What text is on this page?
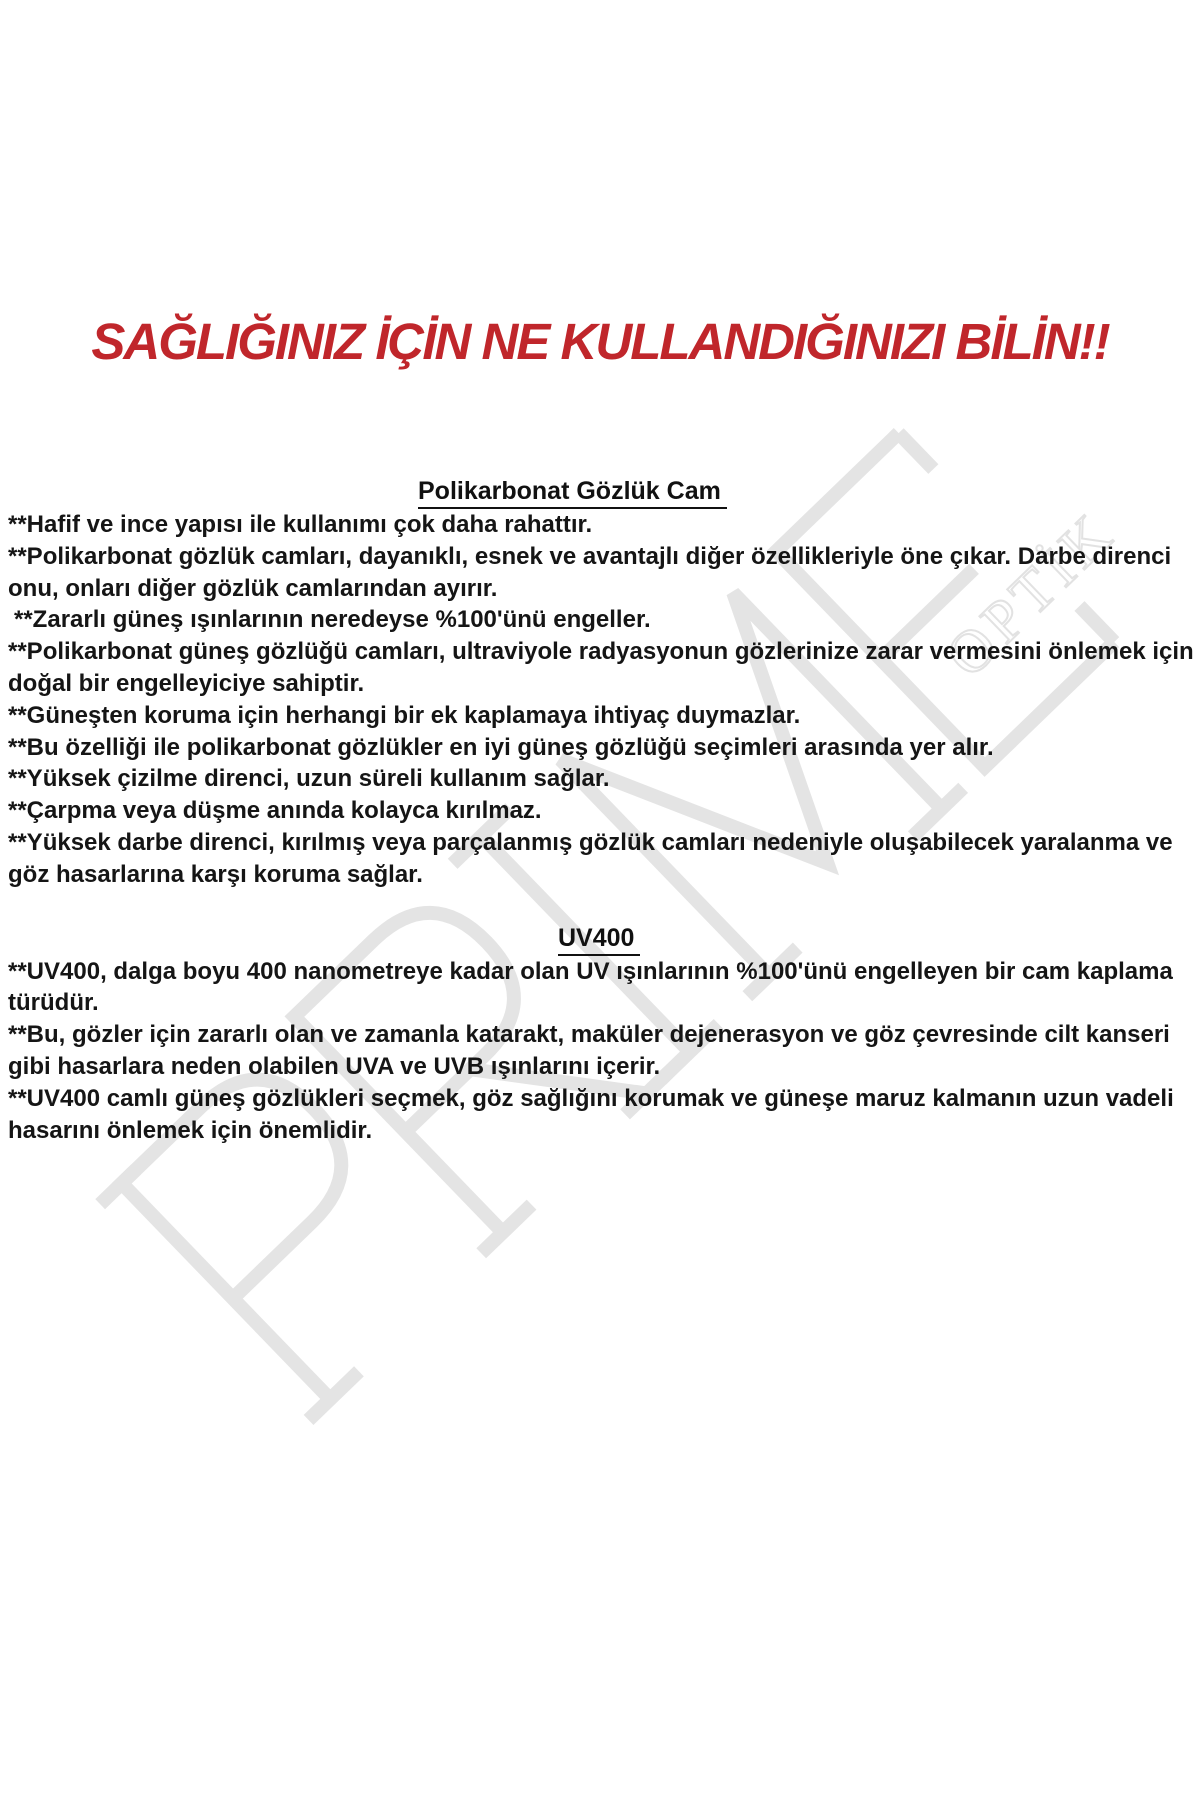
OPTİK
SAĞLIĞINIZ İÇİN NE KULLANDIĞINIZI BİLİN!!
Polikarbonat Gözlük Cam
**Hafif ve ince yapısı ile kullanımı çok daha rahattır.
**Polikarbonat gözlük camları, dayanıklı, esnek ve avantajlı diğer özellikleriyle öne çıkar. Darbe direnci onu, onları diğer gözlük camlarından ayırır.
**Zararlı güneş ışınlarının neredeyse %100'ünü engeller.
**Polikarbonat güneş gözlüğü camları, ultraviyole radyasyonun gözlerinize zarar vermesini önlemek için doğal bir engelleyiciye sahiptir.
**Güneşten koruma için herhangi bir ek kaplamaya ihtiyaç duymazlar.
**Bu özelliği ile polikarbonat gözlükler en iyi güneş gözlüğü seçimleri arasında yer alır.
**Yüksek çizilme direnci, uzun süreli kullanım sağlar.
**Çarpma veya düşme anında kolayca kırılmaz.
**Yüksek darbe direnci, kırılmış veya parçalanmış gözlük camları nedeniyle oluşabilecek yaralanma ve göz hasarlarına karşı koruma sağlar.
UV400
**UV400, dalga boyu 400 nanometreye kadar olan UV ışınlarının %100'ünü engelleyen bir cam kaplama türüdür.
**Bu, gözler için zararlı olan ve zamanla katarakt, maküler dejenerasyon ve göz çevresinde cilt kanseri gibi hasarlara neden olabilen UVA ve UVB ışınlarını içerir.
**UV400 camlı güneş gözlükleri seçmek, göz sağlığını korumak ve güneşe maruz kalmanın uzun vadeli hasarını önlemek için önemlidir.
